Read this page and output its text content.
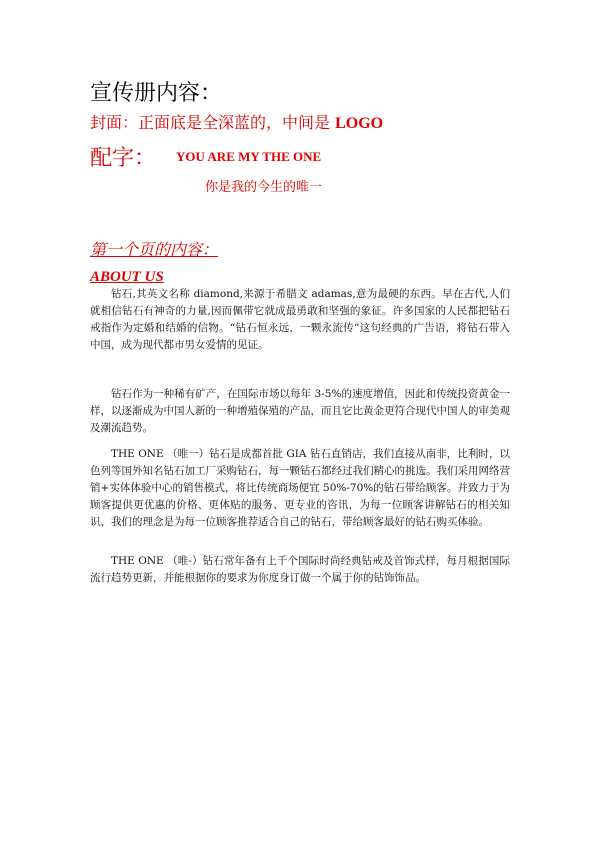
宣传册内容：
封面：正面底是全深蓝的，中间是 LOGO
配字： YOU ARE MY THE ONE
你是我的今生的唯一
第一个页的内容：
ABOUT US

钻石,其英文名称 diamond,来源于希腊文 adamas,意为最硬的东西。早在古代,人们就相信钻石有神奇的力量,因而佩带它就成最勇敢和坚强的象征。许多国家的人民都把钻石戒指作为定婚和结婚的信物。“钻石恒永远，一颗永流传”这句经典的广告语，将钻石带入中国，成为现代都市男女爱情的见证。

钻石作为一种稀有矿产，在国际市场以每年 3-5%的速度增值，因此和传统投资黄金一样，以逐渐成为中国人新的一种增殖保殖的产品，而且它比黄金更符合现代中国人的审美观及潮流趋势。

THE ONE （唯一）钻石是成都首批 GIA 钻石直销店，我们直接从南非，比利时，以色列等国外知名钻石加工厂采购钻石，每一颗钻石都经过我们精心的挑选。我们采用网络营销+实体体验中心的销售模式，将比传统商场便宜 50%-70%的钻石带给顾客。并致力于为顾客提供更优惠的价格、更体贴的服务、更专业的咨讯，为每一位顾客讲解钻石的相关知识，我们的理念是为每一位顾客推荐适合自己的钻石，带给顾客最好的钻石购买体验。

THE ONE （唯-）钻石常年备有上千个国际时尚经典钻戒及首饰式样，每月根据国际流行趋势更新，并能根据你的要求为你度身订做一个属于你的钻饰饰品。
